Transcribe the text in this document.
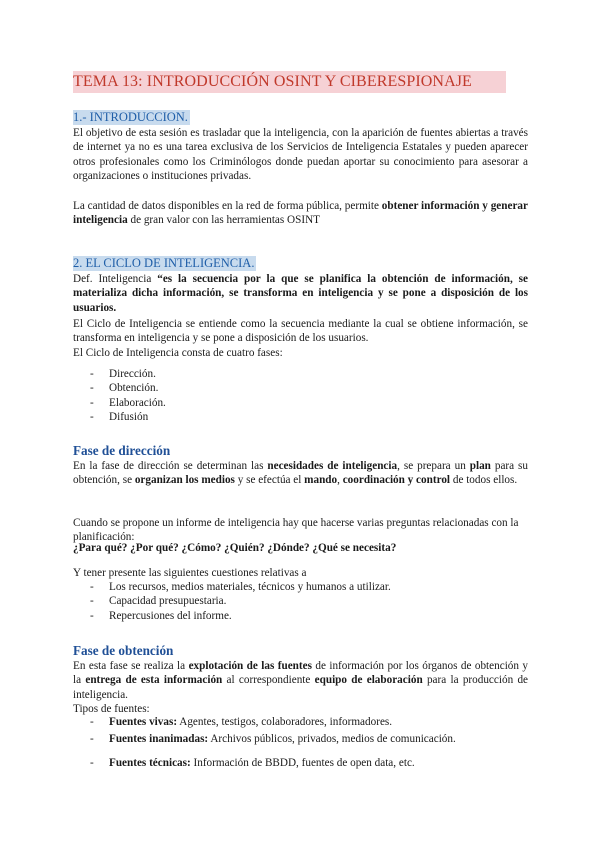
TEMA 13: INTRODUCCIÓN OSINT Y CIBERESPIONAJE
1.- INTRODUCCION.
El objetivo de esta sesión es trasladar que la inteligencia, con la aparición de fuentes abiertas a través de internet ya no es una tarea exclusiva de los Servicios de Inteligencia Estatales y pueden aparecer otros profesionales como los Criminólogos donde puedan aportar su conocimiento para asesorar a organizaciones o instituciones privadas.
La cantidad de datos disponibles en la red de forma pública, permite obtener información y generar inteligencia de gran valor con las herramientas OSINT
2. EL CICLO DE INTELIGENCIA.
Def. Inteligencia “es la secuencia por la que se planifica la obtención de información, se materializa dicha información, se transforma en inteligencia y se pone a disposición de los usuarios.
El Ciclo de Inteligencia se entiende como la secuencia mediante la cual se obtiene información, se transforma en inteligencia y se pone a disposición de los usuarios.
El Ciclo de Inteligencia consta de cuatro fases:
- Dirección.
- Obtención.
- Elaboración.
- Difusión
Fase de dirección
En la fase de dirección se determinan las necesidades de inteligencia, se prepara un plan para su obtención, se organizan los medios y se efectúa el mando, coordinación y control de todos ellos.
Cuando se propone un informe de inteligencia hay que hacerse varias preguntas relacionadas con la planificación:
¿Para qué? ¿Por qué? ¿Cómo? ¿Quién? ¿Dónde? ¿Qué se necesita?
Y tener presente las siguientes cuestiones relativas a
- Los recursos, medios materiales, técnicos y humanos a utilizar.
- Capacidad presupuestaria.
- Repercusiones del informe.
Fase de obtención
En esta fase se realiza la explotación de las fuentes de información por los órganos de obtención y la entrega de esta información al correspondiente equipo de elaboración para la producción de inteligencia.
Tipos de fuentes:
- Fuentes vivas: Agentes, testigos, colaboradores, informadores.
- Fuentes inanimadas: Archivos públicos, privados, medios de comunicación.
- Fuentes técnicas: Información de BBDD, fuentes de open data, etc.
